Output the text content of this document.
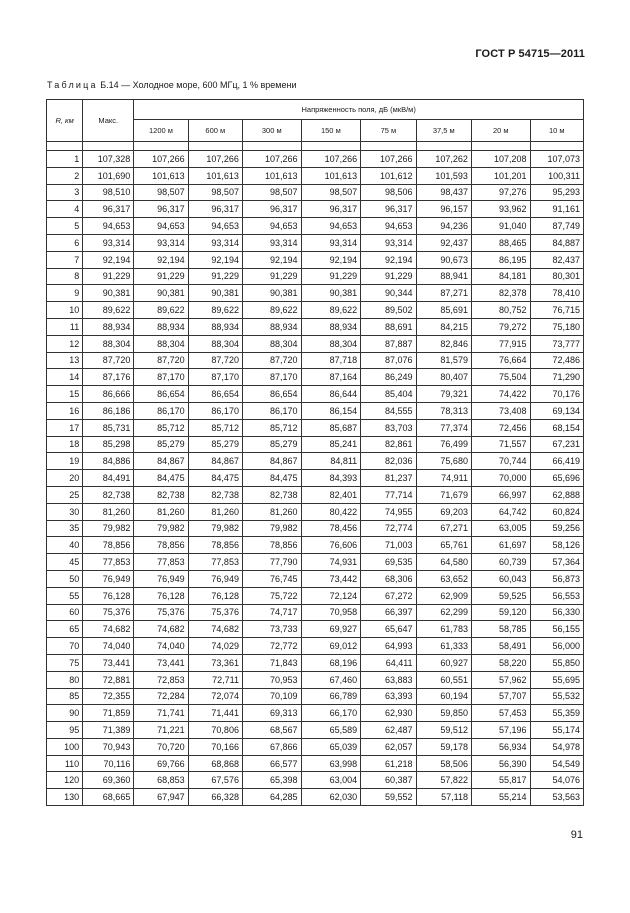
ГОСТ Р 54715—2011
Таблица Б.14 — Холодное море, 600 МГц, 1 % времени
R, км	Макс.	Напряженность поля, дБ (мкВ/м)							
		1200 м	600 м	300 м	150 м	75 м	37,5 м	20 м	10 м

1	107,328	107,266	107,266	107,266	107,266	107,266	107,262	107,208	107,073
2	101,690	101,613	101,613	101,613	101,613	101,612	101,593	101,201	100,311
3	98,510	98,507	98,507	98,507	98,507	98,506	98,437	97,276	95,293
4	96,317	96,317	96,317	96,317	96,317	96,317	96,157	93,962	91,161
5	94,653	94,653	94,653	94,653	94,653	94,653	94,236	91,040	87,749
6	93,314	93,314	93,314	93,314	93,314	93,314	92,437	88,465	84,887
7	92,194	92,194	92,194	92,194	92,194	92,194	90,673	86,195	82,437
8	91,229	91,229	91,229	91,229	91,229	91,229	88,941	84,181	80,301
9	90,381	90,381	90,381	90,381	90,381	90,344	87,271	82,378	78,410
10	89,622	89,622	89,622	89,622	89,622	89,502	85,691	80,752	76,715
11	88,934	88,934	88,934	88,934	88,934	88,691	84,215	79,272	75,180
12	88,304	88,304	88,304	88,304	88,304	87,887	82,846	77,915	73,777
13	87,720	87,720	87,720	87,720	87,718	87,076	81,579	76,664	72,486
14	87,176	87,170	87,170	87,170	87,164	86,249	80,407	75,504	71,290
15	86,666	86,654	86,654	86,654	86,644	85,404	79,321	74,422	70,176
16	86,186	86,170	86,170	86,170	86,154	84,555	78,313	73,408	69,134
17	85,731	85,712	85,712	85,712	85,687	83,703	77,374	72,456	68,154
18	85,298	85,279	85,279	85,279	85,241	82,861	76,499	71,557	67,231
19	84,886	84,867	84,867	84,867	84,811	82,036	75,680	70,744	66,419
20	84,491	84,475	84,475	84,475	84,393	81,237	74,911	70,000	65,696
25	82,738	82,738	82,738	82,738	82,401	77,714	71,679	66,997	62,888
30	81,260	81,260	81,260	81,260	80,422	74,955	69,203	64,742	60,824
35	79,982	79,982	79,982	79,982	78,456	72,774	67,271	63,005	59,256
40	78,856	78,856	78,856	78,856	76,606	71,003	65,761	61,697	58,126
45	77,853	77,853	77,853	77,790	74,931	69,535	64,580	60,739	57,364
50	76,949	76,949	76,949	76,745	73,442	68,306	63,652	60,043	56,873
55	76,128	76,128	76,128	75,722	72,124	67,272	62,909	59,525	56,553
60	75,376	75,376	75,376	74,717	70,958	66,397	62,299	59,120	56,330
65	74,682	74,682	74,682	73,733	69,927	65,647	61,783	58,785	56,155
70	74,040	74,040	74,029	72,772	69,012	64,993	61,333	58,491	56,000
75	73,441	73,441	73,361	71,843	68,196	64,411	60,927	58,220	55,850
80	72,881	72,853	72,711	70,953	67,460	63,883	60,551	57,962	55,695
85	72,355	72,284	72,074	70,109	66,789	63,393	60,194	57,707	55,532
90	71,859	71,741	71,441	69,313	66,170	62,930	59,850	57,453	55,359
95	71,389	71,221	70,806	68,567	65,589	62,487	59,512	57,196	55,174
100	70,943	70,720	70,166	67,866	65,039	62,057	59,178	56,934	54,978
110	70,116	69,766	68,868	66,577	63,998	61,218	58,506	56,390	54,549
120	69,360	68,853	67,576	65,398	63,004	60,387	57,822	55,817	54,076
130	68,665	67,947	66,328	64,285	62,030	59,552	57,118	55,214	53,563
91
